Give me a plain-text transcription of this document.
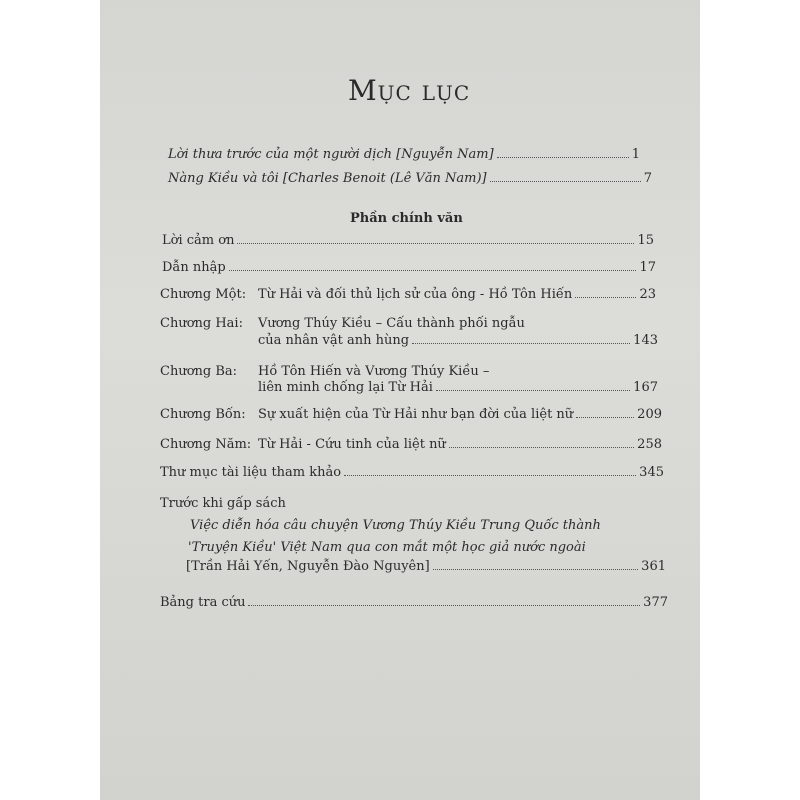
Mục lục
Lời thưa trước của một người dịch [Nguyễn Nam]	1
Nàng Kiều và tôi [Charles Benoit (Lê Văn Nam)]	7
Phần chính văn
Lời cảm ơn	15
Dẫn nhập	17
Chương Một: Từ Hải và đối thủ lịch sử của ông - Hồ Tôn Hiến	23
Chương Hai: Vương Thúy Kiều – Cấu thành phối ngẫu
của nhân vật anh hùng	143
Chương Ba: Hồ Tôn Hiến và Vương Thúy Kiều –
liên minh chống lại Từ Hải	167
Chương Bốn: Sự xuất hiện của Từ Hải như bạn đời của liệt nữ	209
Chương Năm: Từ Hải - Cứu tinh của liệt nữ	258
Thư mục tài liệu tham khảo	345
Trước khi gấp sách
Việc diễn hóa câu chuyện Vương Thúy Kiều Trung Quốc thành
'Truyện Kiều' Việt Nam qua con mắt một học giả nước ngoài
[Trần Hải Yến, Nguyễn Đào Nguyên]	361
Bảng tra cứu	377
